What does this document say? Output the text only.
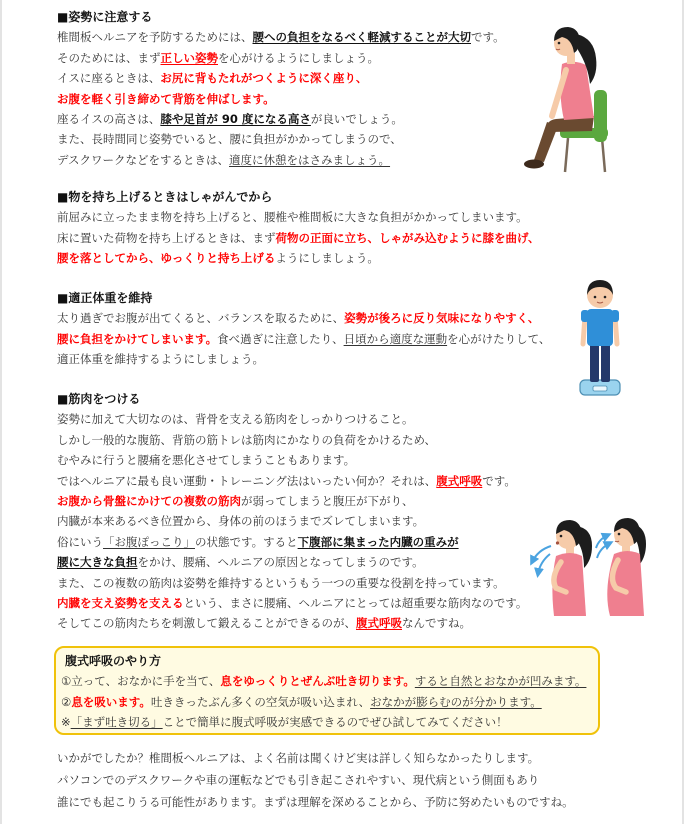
■姿勢に注意する
椎間板ヘルニアを予防するためには、腰への負担をなるべく軽減することが大切です。
そのためには、まず正しい姿勢を心がけるようにしましょう。
イスに座るときは、お尻に背もたれがつくように深く座り、
お腹を軽く引き締めて背筋を伸ばします。
座るイスの高さは、膝や足首が 90 度になる高さが良いでしょう。
また、長時間同じ姿勢でいると、腰に負担がかかってしまうので、
デスクワークなどをするときは、適度に休憩をはさみましょう。
■物を持ち上げるときはしゃがんでから
前屈みに立ったまま物を持ち上げると、腰椎や椎間板に大きな負担がかかってしまいます。
床に置いた荷物を持ち上げるときは、まず荷物の正面に立ち、しゃがみ込むように膝を曲げ、
腰を落としてから、ゆっくりと持ち上げるようにしましょう。
■適正体重を維持
太り過ぎでお腹が出てくると、バランスを取るために、姿勢が後ろに反り気味になりやすく、
腰に負担をかけてしまいます。食べ過ぎに注意したり、日頃から適度な運動を心がけたりして、
適正体重を維持するようにしましょう。
■筋肉をつける
姿勢に加えて大切なのは、背骨を支える筋肉をしっかりつけること。
しかし一般的な腹筋、背筋の筋トレは筋肉にかなりの負荷をかけるため、
むやみに行うと腰痛を悪化させてしまうこともあります。
ではヘルニアに最も良い運動・トレーニング法はいったい何か？それは、腹式呼吸です。
お腹から骨盤にかけての複数の筋肉が弱ってしまうと腹圧が下がり、
内臓が本来あるべき位置から、身体の前のほうまでズレてしまいます。
俗にいう「お腹ぽっこり」の状態です。すると下腹部に集まった内臓の重みが
腰に大きな負担をかけ、腰痛、ヘルニアの原因となってしまうのです。
また、この複数の筋肉は姿勢を維持するというもう一つの重要な役割を持っています。
内臓を支え姿勢を支えるという、まさに腰痛、ヘルニアにとっては超重要な筋肉なのです。
そしてこの筋肉たちを刺激して鍛えることができるのが、腹式呼吸なんですね。
腹式呼吸のやり方
①立って、おなかに手を当て、息をゆっくりとぜんぶ吐き切ります。すると自然とおなかが凹みます。
②息を吸います。吐ききったぶん多くの空気が吸い込まれ、おなかが膨らむのが分かります。
※「まず吐き切る」ことで簡単に腹式呼吸が実感できるのでぜひ試してみてください！
いかがでしたか？椎間板ヘルニアは、よく名前は聞くけど実は詳しく知らなかったりします。
パソコンでのデスクワークや車の運転などでも引き起こされやすい、現代病という側面もあり
誰にでも起こりうる可能性があります。まずは理解を深めることから、予防に努めたいものですね。
